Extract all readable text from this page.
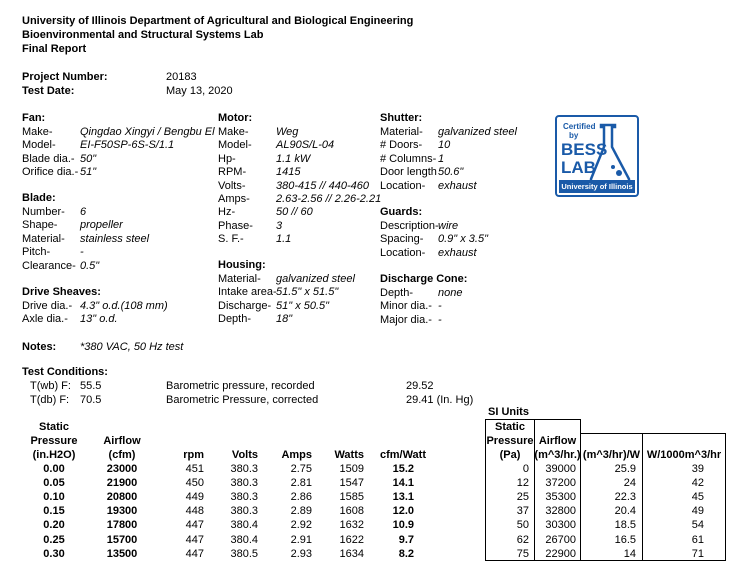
University of Illinois Department of Agricultural and Biological Engineering
Bioenvironmental and Structural Systems Lab
Final Report
Project Number:	20183
Test Date:	May 13, 2020
Fan:
Make- Qingdao Xingyi / Bengbu El
Model- EI-F50SP-6S-S/1.1
Blade dia.- 50"
Orifice dia.- 51"
Blade:
Number- 6
Shape- propeller
Material- stainless steel
Pitch-	-
Clearance- 0.5"
Drive Sheaves:
Drive dia.- 4.3" o.d.(108 mm)
Axle dia.- 13" o.d.
Motor:
Make- Weg
Model- AL90S/L-04
Hp-	1.1 kW
RPM-	1415
Volts-	380-415 // 440-460
Amps- 2.63-2.56 // 2.26-2.21
Hz-	50 // 60
Phase- 3
S. F.-	1.1
Housing:
Material- galvanized steel
Intake area- 51.5" x 51.5"
Discharge- 51" x 50.5"
Depth- 18"
Shutter:
Material- galvanized steel
# Doors- 10
# Columns- 1
Door length 50.6"
Location- exhaust
Guards:
Description- wire
Spacing- 0.9" x 3.5"
Location- exhaust
Discharge Cone:
Depth- none
Minor dia.- -
Major dia.- -
Certified
by
BESS
LAB
University of Illinois
Notes: *380 VAC, 50 Hz test
Test Conditions:
T(wb) F: 55.5
T(db) F: 70.5
Barometric pressure, recorded	29.52
Barometric Pressure, corrected	29.41 (In. Hg)
SI Units
Static
Pressure
(in.H2O)
Airflow
(cfm)	rpm	Volts	Amps	Watts	cfm/Watt
Static
Pressure
(Pa)
Airflow
(m^3/hr.) (m^3/hr)/W W/1000m^3/hr
0.00	23000	451	380.3	2.75	1509	15.2	0	39000	25.9	39
0.05	21900	450	380.3	2.81	1547	14.1	12	37200	24	42
0.10	20800	449	380.3	2.86	1585	13.1	25	35300	22.3	45
0.15	19300	448	380.3	2.89	1608	12.0	37	32800	20.4	49
0.20	17800	447	380.4	2.92	1632	10.9	50	30300	18.5	54
0.25	15700	447	380.4	2.91	1622	9.7	62	26700	16.5	61
0.30	13500	447	380.5	2.93	1634	8.2	75	22900	14	71
